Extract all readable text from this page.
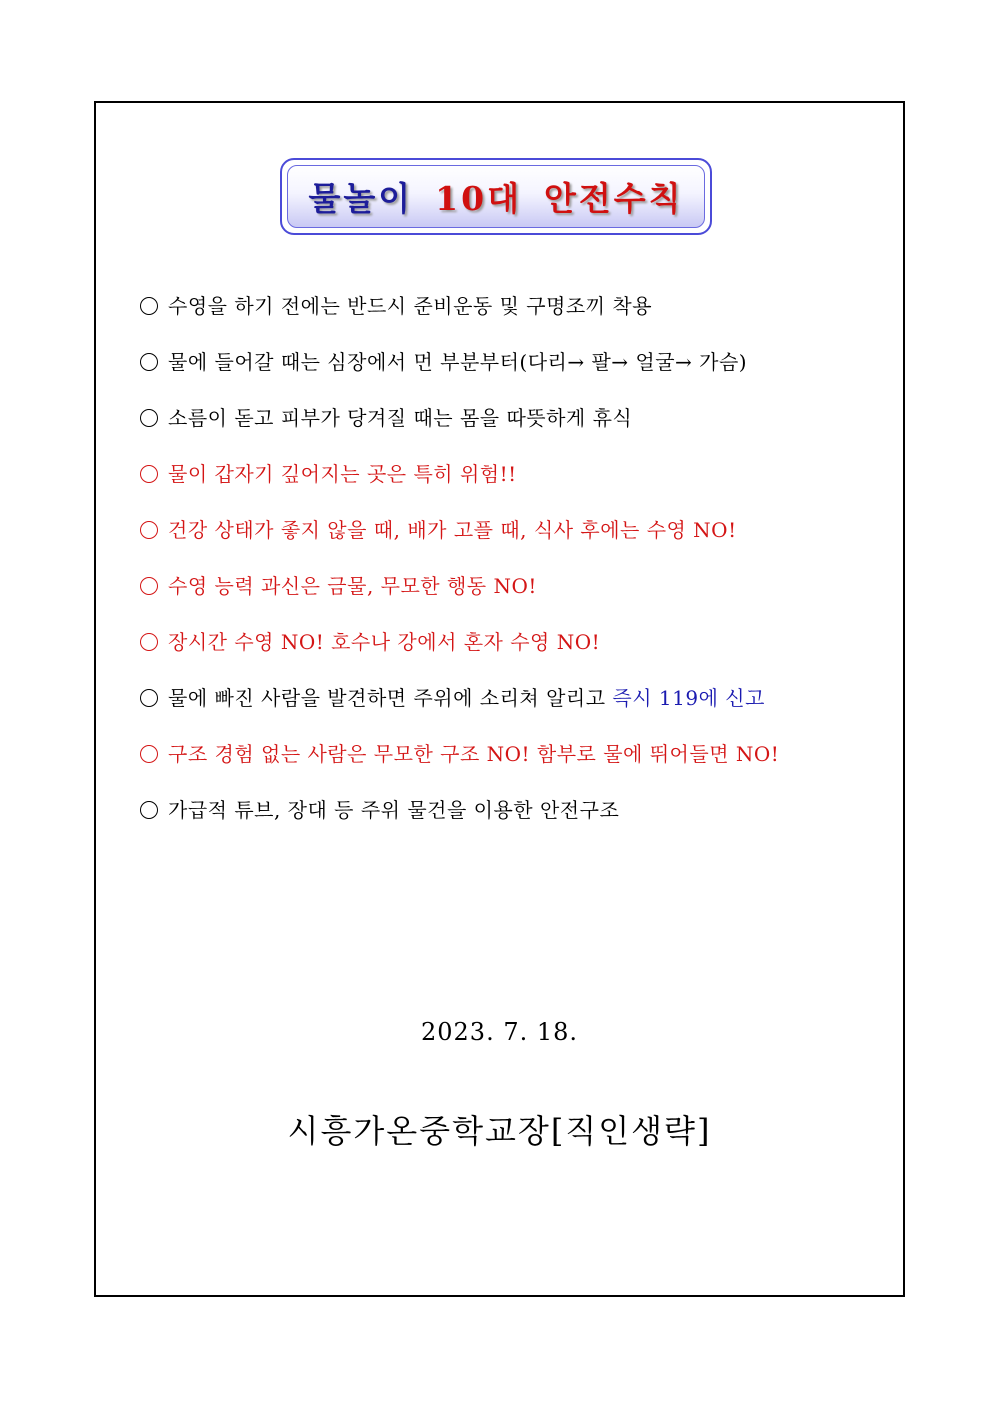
물놀이 10대 안전수칙
수영을 하기 전에는 반드시 준비운동 및 구명조끼 착용
물에 들어갈 때는 심장에서 먼 부분부터(다리→ 팔→ 얼굴→ 가슴)
소름이 돋고 피부가 당겨질 때는 몸을 따뜻하게 휴식
물이 갑자기 깊어지는 곳은 특히 위험!!
건강 상태가 좋지 않을 때, 배가 고플 때, 식사 후에는 수영 NO!
수영 능력 과신은 금물, 무모한 행동 NO!
장시간 수영 NO! 호수나 강에서 혼자 수영 NO!
물에 빠진 사람을 발견하면 주위에 소리쳐 알리고 즉시 119에 신고
구조 경험 없는 사람은 무모한 구조 NO! 함부로 물에 뛰어들면 NO!
가급적 튜브, 장대 등 주위 물건을 이용한 안전구조
2023. 7. 18.
시흥가온중학교장[직인생략]
